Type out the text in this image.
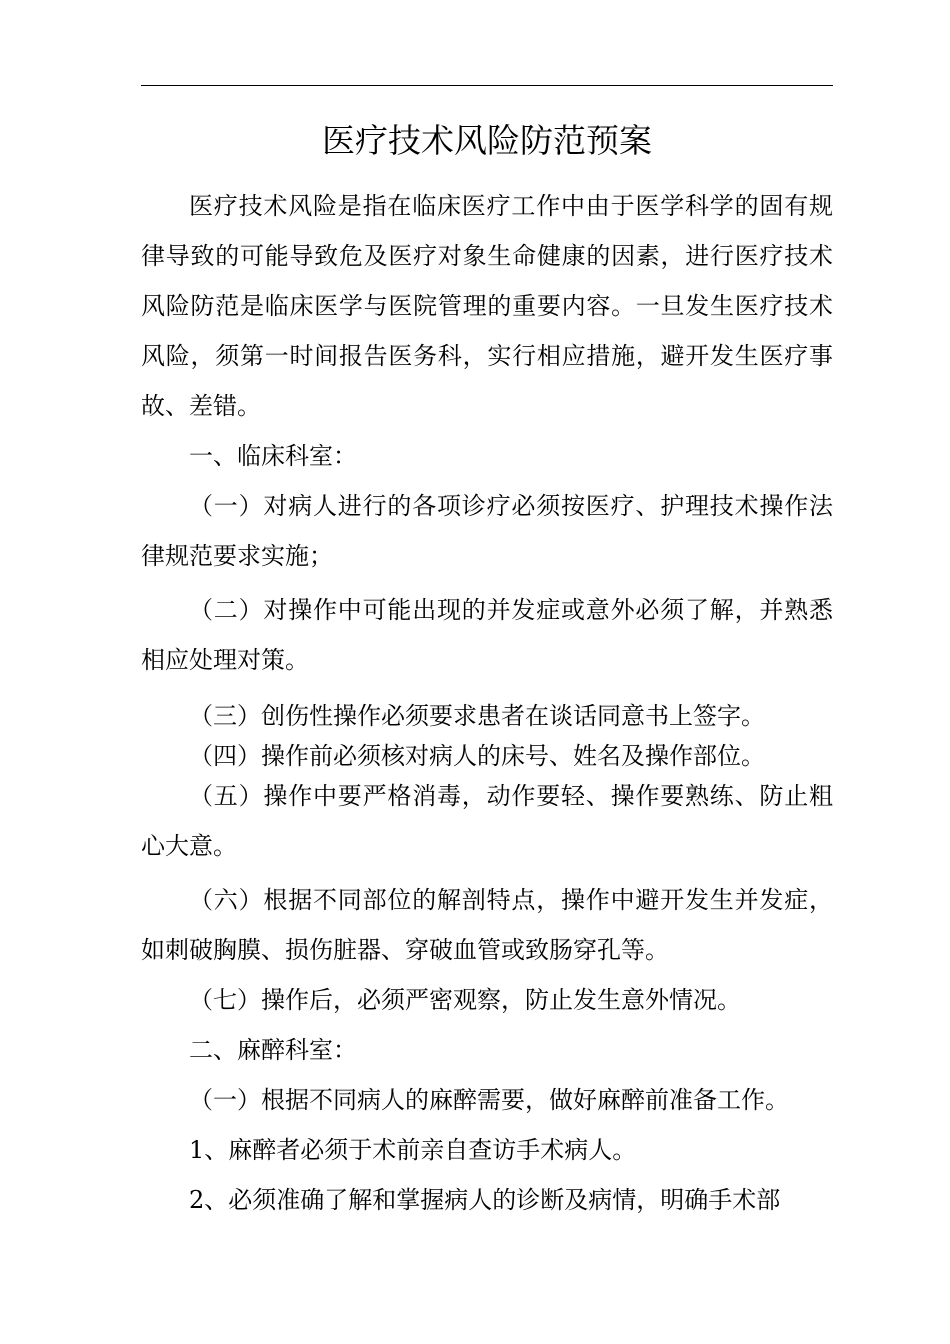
医疗技术风险防范预案

医疗技术风险是指在临床医疗工作中由于医学科学的固有规律导致的可能导致危及医疗对象生命健康的因素，进行医疗技术风险防范是临床医学与医院管理的重要内容。一旦发生医疗技术风险，须第一时间报告医务科，实行相应措施，避开发生医疗事故、差错。

一、临床科室：

（一）对病人进行的各项诊疗必须按医疗、护理技术操作法律规范要求实施；

（二）对操作中可能出现的并发症或意外必须了解，并熟悉相应处理对策。

（三）创伤性操作必须要求患者在谈话同意书上签字。

（四）操作前必须核对病人的床号、姓名及操作部位。

（五）操作中要严格消毒，动作要轻、操作要熟练、防止粗心大意。

（六）根据不同部位的解剖特点，操作中避开发生并发症，如刺破胸膜、损伤脏器、穿破血管或致肠穿孔等。

（七）操作后，必须严密观察，防止发生意外情况。

二、麻醉科室：

（一）根据不同病人的麻醉需要，做好麻醉前准备工作。

1、麻醉者必须于术前亲自查访手术病人。

2、必须准确了解和掌握病人的诊断及病情，明确手术部
